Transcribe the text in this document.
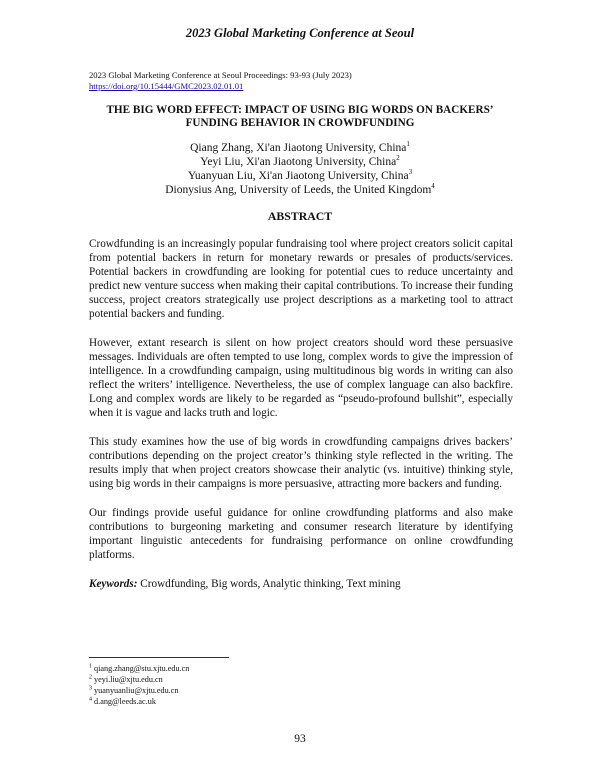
2023 Global Marketing Conference at Seoul
2023 Global Marketing Conference at Seoul Proceedings: 93-93 (July 2023)
https://doi.org/10.15444/GMC2023.02.01.01
THE BIG WORD EFFECT: IMPACT OF USING BIG WORDS ON BACKERS’
FUNDING BEHAVIOR IN CROWDFUNDING
Qiang Zhang, Xi'an Jiaotong University, China$^1$
Yeyi Liu, Xi'an Jiaotong University, China$^2$
Yuanyuan Liu, Xi'an Jiaotong University, China$^3$
Dionysius Ang, University of Leeds, the United Kingdom$^4$
ABSTRACT

Crowdfunding is an increasingly popular fundraising tool where project creators solicit capital from potential backers in return for monetary rewards or presales of products/services. Potential backers in crowdfunding are looking for potential cues to reduce uncertainty and predict new venture success when making their capital contributions. To increase their funding success, project creators strategically use project descriptions as a marketing tool to attract potential backers and funding.

However, extant research is silent on how project creators should word these persuasive messages. Individuals are often tempted to use long, complex words to give the impression of intelligence. In a crowdfunding campaign, using multitudinous big words in writing can also reflect the writers’ intelligence. Nevertheless, the use of complex language can also backfire. Long and complex words are likely to be regarded as “pseudo-profound bullshit”, especially when it is vague and lacks truth and logic.

This study examines how the use of big words in crowdfunding campaigns drives backers’ contributions depending on the project creator’s thinking style reflected in the writing. The results imply that when project creators showcase their analytic (vs. intuitive) thinking style, using big words in their campaigns is more persuasive, attracting more backers and funding.

Our findings provide useful guidance for online crowdfunding platforms and also make contributions to burgeoning marketing and consumer research literature by identifying important linguistic antecedents for fundraising performance on online crowdfunding platforms.

Keywords: Crowdfunding, Big words, Analytic thinking, Text mining

$^1$ qiang.zhang@stu.xjtu.edu.cn
$^2$ yeyi.liu@xjtu.edu.cn
$^3$ yuanyuanliu@xjtu.edu.cn
$^4$ d.ang@leeds.ac.uk
93
